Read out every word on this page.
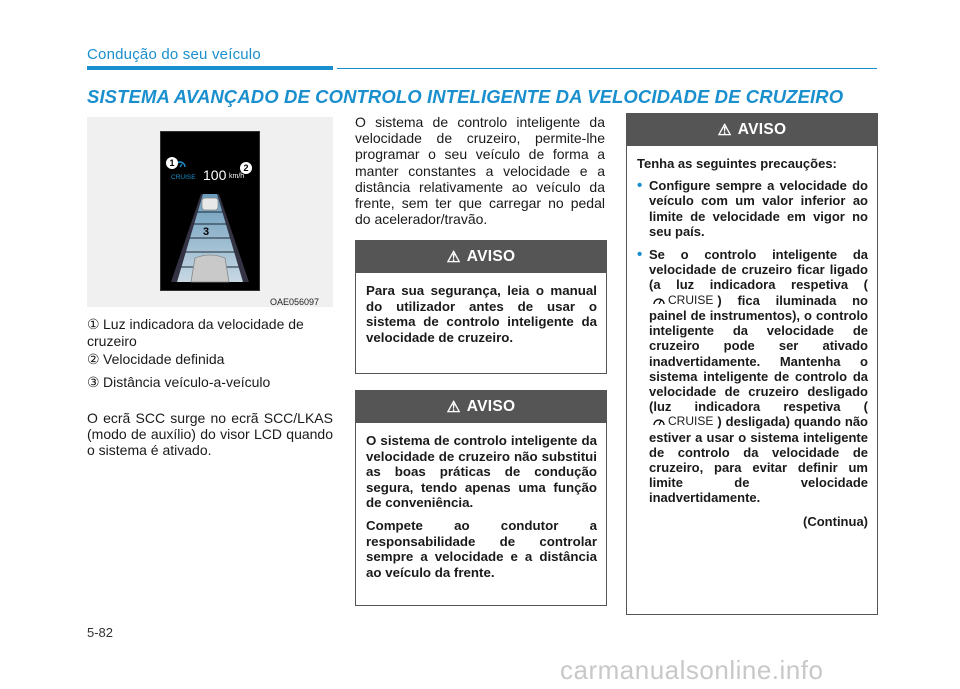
Condução do seu veículo
SISTEMA AVANÇADO DE CONTROLO INTELIGENTE DA VELOCIDADE DE CRUZEIRO
CRUISE 100 km/h
1	2
3
OAE056097
① Luz indicadora da velocidade de cruzeiro
② Velocidade definida
③ Distância veículo-a-veículo
O ecrã SCC surge no ecrã SCC/LKAS (modo de auxílio) do visor LCD quando o sistema é ativado.
O sistema de controlo inteligente da velocidade de cruzeiro, permite-lhe programar o seu veículo de forma a manter constantes a velocidade e a distância relativamente ao veículo da frente, sem ter que carregar no pedal do acelerador/travão.
⚠ AVISO

Para sua segurança, leia o manual do utilizador antes de usar o sistema de controlo inteligente da velocidade de cruzeiro.

⚠ AVISO

O sistema de controlo inteligente da velocidade de cruzeiro não substitui as boas práticas de condução segura, tendo apenas uma função de conveniência.

Compete ao condutor a responsabilidade de controlar sempre a velocidade e a distância ao veículo da frente.

⚠ AVISO

Tenha as seguintes precauções:

• Configure sempre a velocidade do veículo com um valor inferior ao limite de velocidade em vigor no seu país.
• Se o controlo inteligente da velocidade de cruzeiro ficar ligado (a luz indicadora respetiva (
CRUISE ) fica iluminada no painel de instrumentos), o controlo inteligente da velocidade de cruzeiro pode ser ativado inadvertidamente. Mantenha o sistema inteligente de controlo da velocidade de cruzeiro desligado (luz indicadora respetiva (
CRUISE ) desligada) quando não estiver a usar o sistema inteligente de controlo da velocidade de cruzeiro, para evitar definir um limite de velocidade inadvertidamente.
(Continua)
5-82
carmanualsonline.info
